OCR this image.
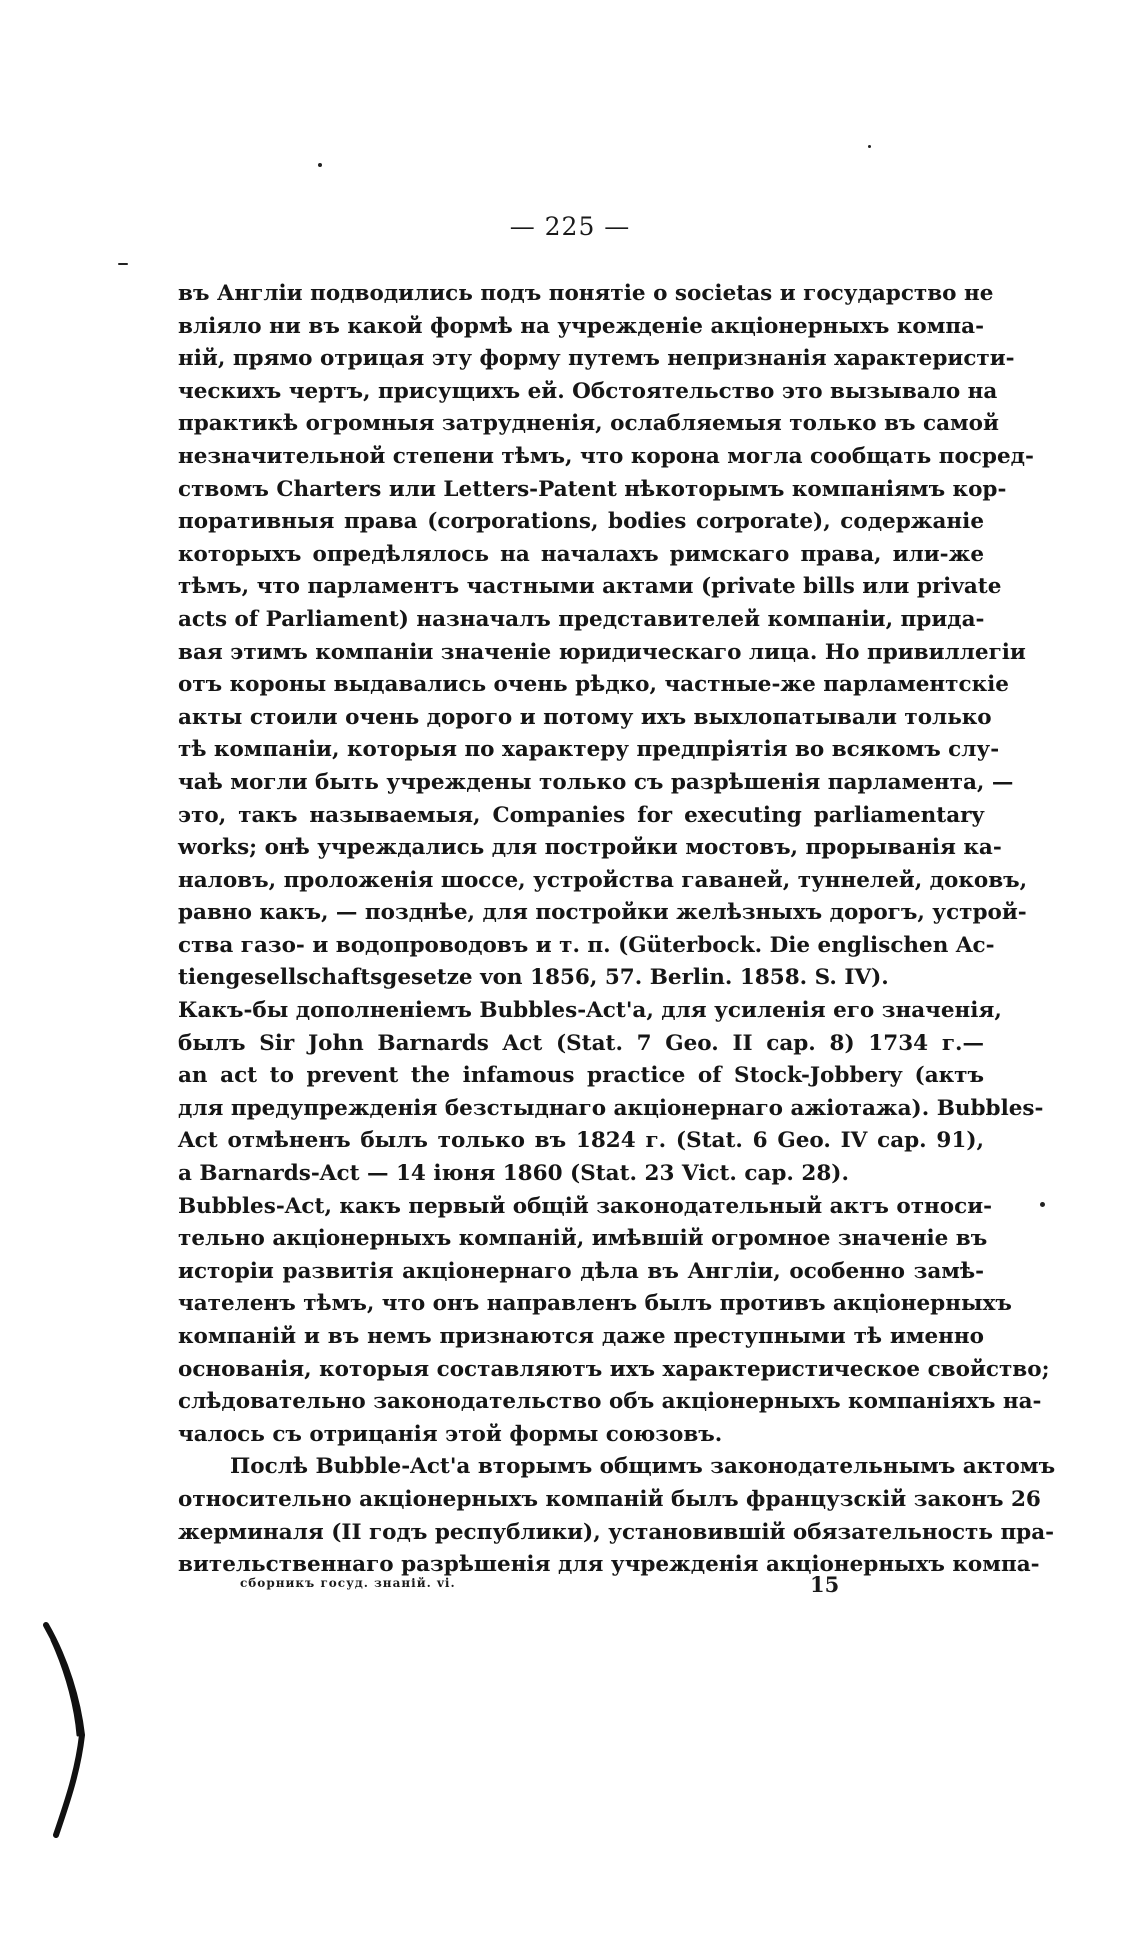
— 225 —
въ Англіи подводились подъ понятіе о societas и государство не
вліяло ни въ какой формѣ на учрежденіе акціонерныхъ компа-
ній, прямо отрицая эту форму путемъ непризнанія характеристи-
ческихъ чертъ, присущихъ ей. Обстоятельство это вызывало на
практикѣ огромныя затрудненія, ослабляемыя только въ самой
незначительной степени тѣмъ, что корона могла сообщать посред-
ствомъ Charters или Letters-Patent нѣкоторымъ компаніямъ кор-
поративныя права (corporations, bodies corporate), содержаніе
которыхъ опредѣлялось на началахъ римскаго права, или-же
тѣмъ, что парламентъ частными актами (private bills или private
acts of Parliament) назначалъ представителей компаніи, прида-
вая этимъ компаніи значеніе юридическаго лица. Но привиллегіи
отъ короны выдавались очень рѣдко, частные-же парламентскіе
акты стоили очень дорого и потому ихъ выхлопатывали только
тѣ компаніи, которыя по характеру предпріятія во всякомъ слу-
чаѣ могли быть учреждены только съ разрѣшенія парламента, —
это, такъ называемыя, Companies for executing parliamentary
works; онѣ учреждались для постройки мостовъ, прорыванія ка-
наловъ, проложенія шоссе, устройства гаваней, туннелей, доковъ,
равно какъ, — позднѣе, для постройки желѣзныхъ дорогъ, устрой-
ства газо- и водопроводовъ и т. п. (Güterbock. Die englischen Ac-
tiengesellschaftsgesetze von 1856, 57. Berlin. 1858. S. IV).
Какъ-бы дополненіемъ Bubbles-Act'a, для усиленія его значенія,
былъ Sir John Barnards Act (Stat. 7 Geo. II cap. 8) 1734 г.—
an act to prevent the infamous practice of Stock-Jobbery (актъ
для предупрежденія безстыднаго акціонернаго ажіотажа). Bubbles-
Act отмѣненъ былъ только въ 1824 г. (Stat. 6 Geo. IV cap. 91),
а Barnards-Act — 14 іюня 1860 (Stat. 23 Vict. cap. 28).
Bubbles-Act, какъ первый общій законодательный актъ относи-
тельно акціонерныхъ компаній, имѣвшій огромное значеніе въ
исторіи развитія акціонернаго дѣла въ Англіи, особенно замѣ-
чателенъ тѣмъ, что онъ направленъ былъ противъ акціонерныхъ
компаній и въ немъ признаются даже преступными тѣ именно
основанія, которыя составляютъ ихъ характеристическое свойство;
слѣдовательно законодательство объ акціонерныхъ компаніяхъ на-
чалось съ отрицанія этой формы союзовъ.
Послѣ Bubble-Act'a вторымъ общимъ законодательнымъ актомъ
относительно акціонерныхъ компаній былъ французскій законъ 26
жерминаля (II годъ республики), установившій обязательность пра-
вительственнаго разрѣшенія для учрежденія акціонерныхъ компа-
сборникъ госуд. знаній. vi.	15
